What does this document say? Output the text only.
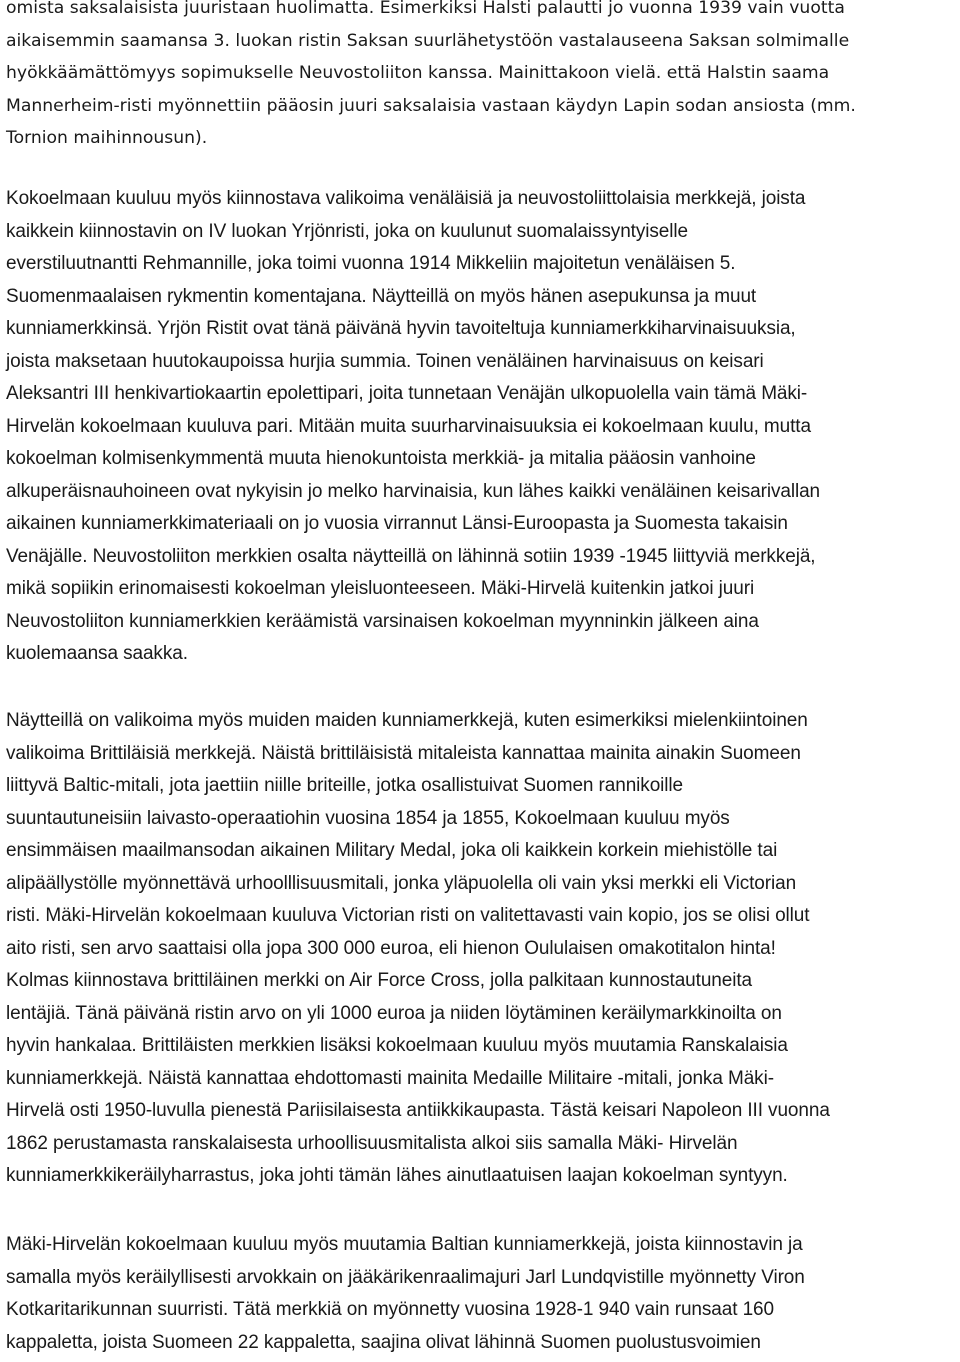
omista saksalaisista juuristaan huolimatta. Esimerkiksi Halsti palautti jo vuonna 1939 vain vuotta
aikaisemmin saamansa 3. luokan ristin Saksan suurlähetystöön vastalauseena Saksan solmimalle
hyökkäämättömyys sopimukselle Neuvostoliiton kanssa. Mainittakoon vielä. että Halstin saama
Mannerheim-risti myönnettiin pääosin juuri saksalaisia vastaan käydyn Lapin sodan ansiosta (mm.
Tornion maihinnousun).
Kokoelmaan kuuluu myös kiinnostava valikoima venäläisiä ja neuvostoliittolaisia merkkejä, joista
kaikkein kiinnostavin on IV luokan Yrjönristi, joka on kuulunut suomalaissyntyiselle
everstiluutnantti Rehmannille, joka toimi vuonna 1914 Mikkeliin majoitetun venäläisen 5.
Suomenmaalaisen rykmentin komentajana. Näytteillä on myös hänen asepukunsa ja muut
kunniamerkkinsä. Yrjön Ristit ovat tänä päivänä hyvin tavoiteltuja kunniamerkkiharvinaisuuksia,
joista maksetaan huutokaupoissa hurjia summia. Toinen venäläinen harvinaisuus on keisari
Aleksantri III henkivartiokaartin epolettipari, joita tunnetaan Venäjän ulkopuolella vain tämä Mäki-
Hirvelän kokoelmaan kuuluva pari. Mitään muita suurharvinaisuuksia ei kokoelmaan kuulu, mutta
kokoelman kolmisenkymmentä muuta hienokuntoista merkkiä- ja mitalia pääosin vanhoine
alkuperäisnauhoineen ovat nykyisin jo melko harvinaisia, kun lähes kaikki venäläinen keisarivallan
aikainen kunniamerkkimateriaali on jo vuosia virrannut Länsi-Euroopasta ja Suomesta takaisin
Venäjälle. Neuvostoliiton merkkien osalta näytteillä on lähinnä sotiin 1939 -1945 liittyviä merkkejä,
mikä sopiikin erinomaisesti kokoelman yleisluonteeseen. Mäki-Hirvelä kuitenkin jatkoi juuri
Neuvostoliiton kunniamerkkien keräämistä varsinaisen kokoelman myynninkin jälkeen aina
kuolemaansa saakka.
Näytteillä on valikoima myös muiden maiden kunniamerkkejä, kuten esimerkiksi mielenkiintoinen
valikoima Brittiläisiä merkkejä. Näistä brittiläisistä mitaleista kannattaa mainita ainakin Suomeen
liittyvä Baltic-mitali, jota jaettiin niille briteille, jotka osallistuivat Suomen rannikoille
suuntautuneisiin laivasto-operaatiohin vuosina 1854 ja 1855, Kokoelmaan kuuluu myös
ensimmäisen maailmansodan aikainen Military Medal, joka oli kaikkein korkein miehistölle tai
alipäällystölle myönnettävä urhoolllisuusmitali, jonka yläpuolella oli vain yksi merkki eli Victorian
risti. Mäki-Hirvelän kokoelmaan kuuluva Victorian risti on valitettavasti vain kopio, jos se olisi ollut
aito risti, sen arvo saattaisi olla jopa 300 000 euroa, eli hienon Oululaisen omakotitalon hinta!
Kolmas kiinnostava brittiläinen merkki on Air Force Cross, jolla palkitaan kunnostautuneita
lentäjiä. Tänä päivänä ristin arvo on yli 1000 euroa ja niiden löytäminen keräilymarkkinoilta on
hyvin hankalaa. Brittiläisten merkkien lisäksi kokoelmaan kuuluu myös muutamia Ranskalaisia
kunniamerkkejä. Näistä kannattaa ehdottomasti mainita Medaille Militaire -mitali, jonka Mäki-
Hirvelä osti 1950-luvulla pienestä Pariisilaisesta antiikkikaupasta. Tästä keisari Napoleon III vuonna
1862 perustamasta ranskalaisesta urhoollisuusmitalista alkoi siis samalla Mäki- Hirvelän
kunniamerkkikeräilyharrastus, joka johti tämän lähes ainutlaatuisen laajan kokoelman syntyyn.
Mäki-Hirvelän kokoelmaan kuuluu myös muutamia Baltian kunniamerkkejä, joista kiinnostavin ja
samalla myös keräilyllisesti arvokkain on jääkärikenraalimajuri Jarl Lundqvistille myönnetty Viron
Kotkaritarikunnan suurristi. Tätä merkkiä on myönnetty vuosina 1928-1 940 vain runsaat 160
kappaletta, joista Suomeen 22 kappaletta, saajina olivat lähinnä Suomen puolustusvoimien
